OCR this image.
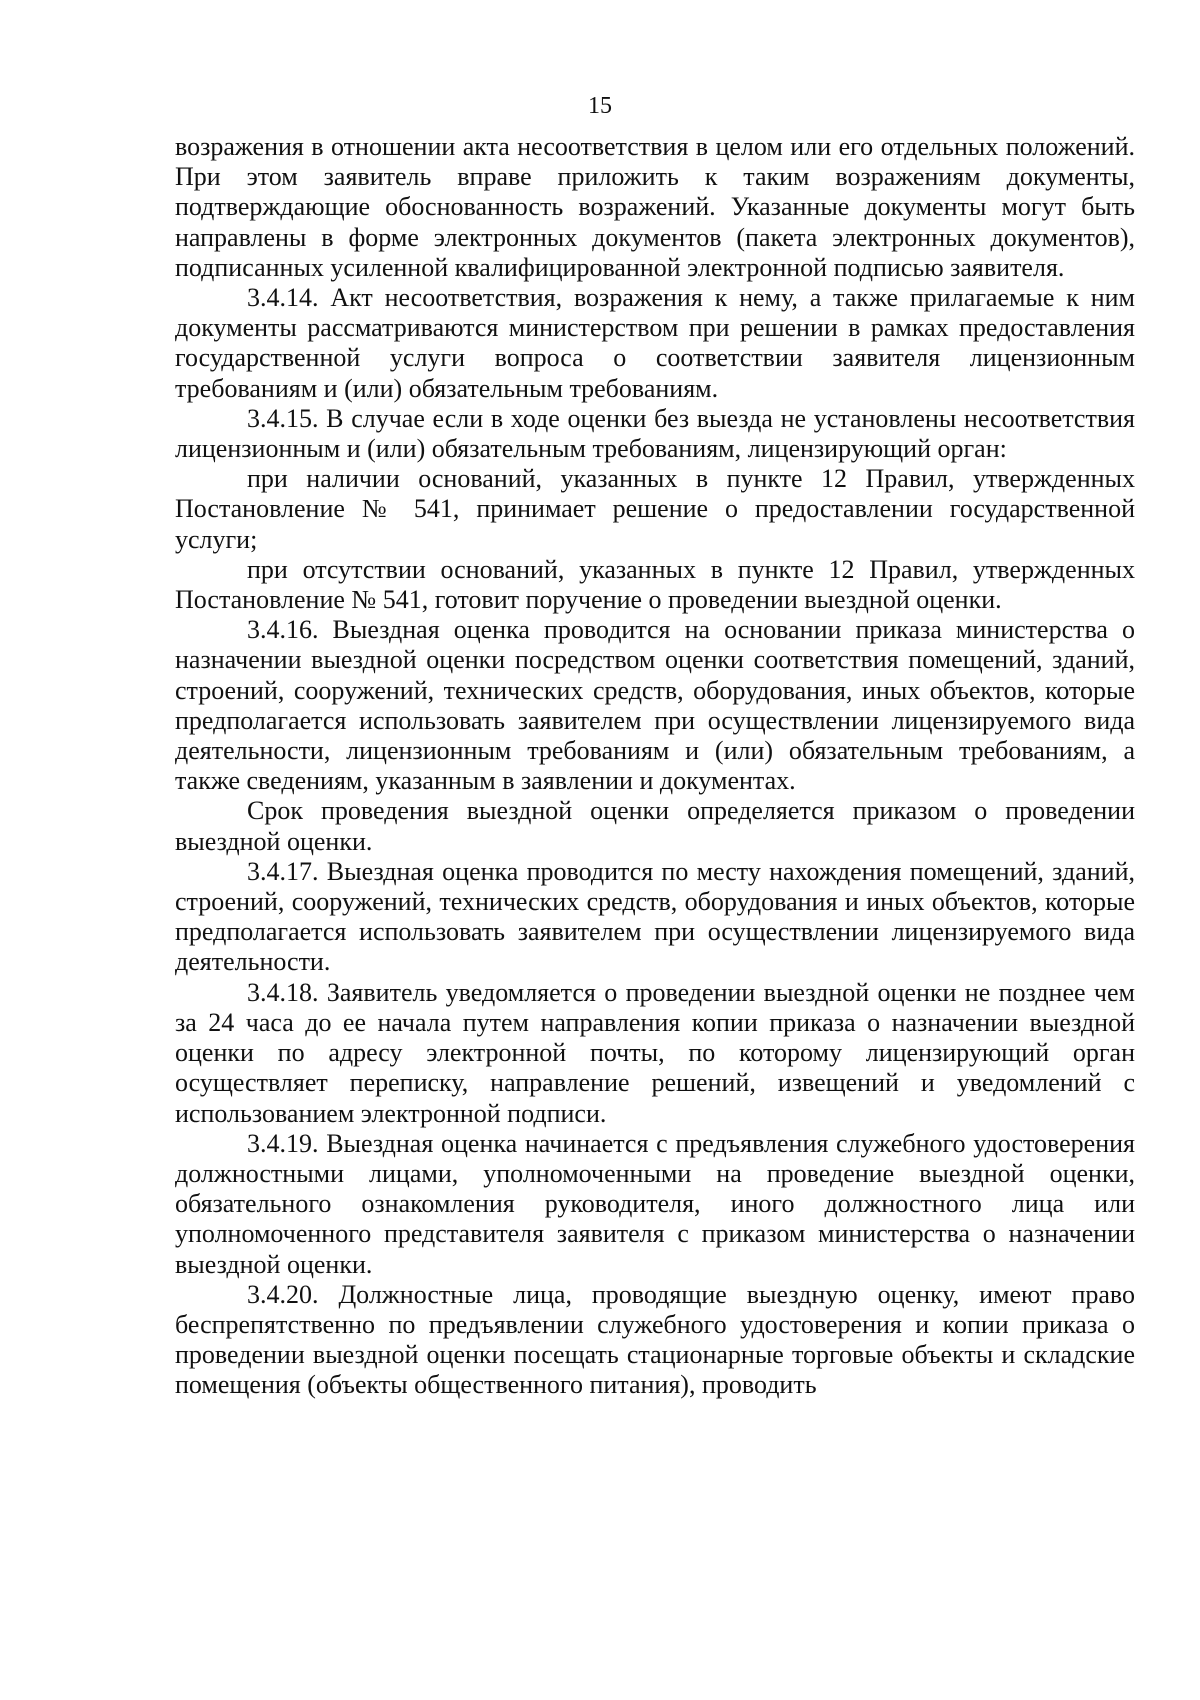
15

возражения в отношении акта несоответствия в целом или его отдельных положений. При этом заявитель вправе приложить к таким возражениям документы, подтверждающие обоснованность возражений. Указанные документы могут быть направлены в форме электронных документов (пакета электронных документов), подписанных усиленной квалифицированной электронной подписью заявителя.

3.4.14. Акт несоответствия, возражения к нему, а также прилагаемые к ним документы рассматриваются министерством при решении в рамках предоставления государственной услуги вопроса о соответствии заявителя лицензионным требованиям и (или) обязательным требованиям.

3.4.15. В случае если в ходе оценки без выезда не установлены несоответствия лицензионным и (или) обязательным требованиям, лицензирующий орган:

при наличии оснований, указанных в пункте 12 Правил, утвержденных Постановление № 541, принимает решение о предоставлении государственной услуги;

при отсутствии оснований, указанных в пункте 12 Правил, утвержденных Постановление № 541, готовит поручение о проведении выездной оценки.

3.4.16. Выездная оценка проводится на основании приказа министерства о назначении выездной оценки посредством оценки соответствия помещений, зданий, строений, сооружений, технических средств, оборудования, иных объектов, которые предполагается использовать заявителем при осуществлении лицензируемого вида деятельности, лицензионным требованиям и (или) обязательным требованиям, а также сведениям, указанным в заявлении и документах.

Срок проведения выездной оценки определяется приказом о проведении выездной оценки.

3.4.17. Выездная оценка проводится по месту нахождения помещений, зданий, строений, сооружений, технических средств, оборудования и иных объектов, которые предполагается использовать заявителем при осуществлении лицензируемого вида деятельности.

3.4.18. Заявитель уведомляется о проведении выездной оценки не позднее чем за 24 часа до ее начала путем направления копии приказа о назначении выездной оценки по адресу электронной почты, по которому лицензирующий орган осуществляет переписку, направление решений, извещений и уведомлений с использованием электронной подписи.

3.4.19. Выездная оценка начинается с предъявления служебного удостоверения должностными лицами, уполномоченными на проведение выездной оценки, обязательного ознакомления руководителя, иного должностного лица или уполномоченного представителя заявителя с приказом министерства о назначении выездной оценки.

3.4.20. Должностные лица, проводящие выездную оценку, имеют право беспрепятственно по предъявлении служебного удостоверения и копии приказа о проведении выездной оценки посещать стационарные торговые объекты и складские помещения (объекты общественного питания), проводить
